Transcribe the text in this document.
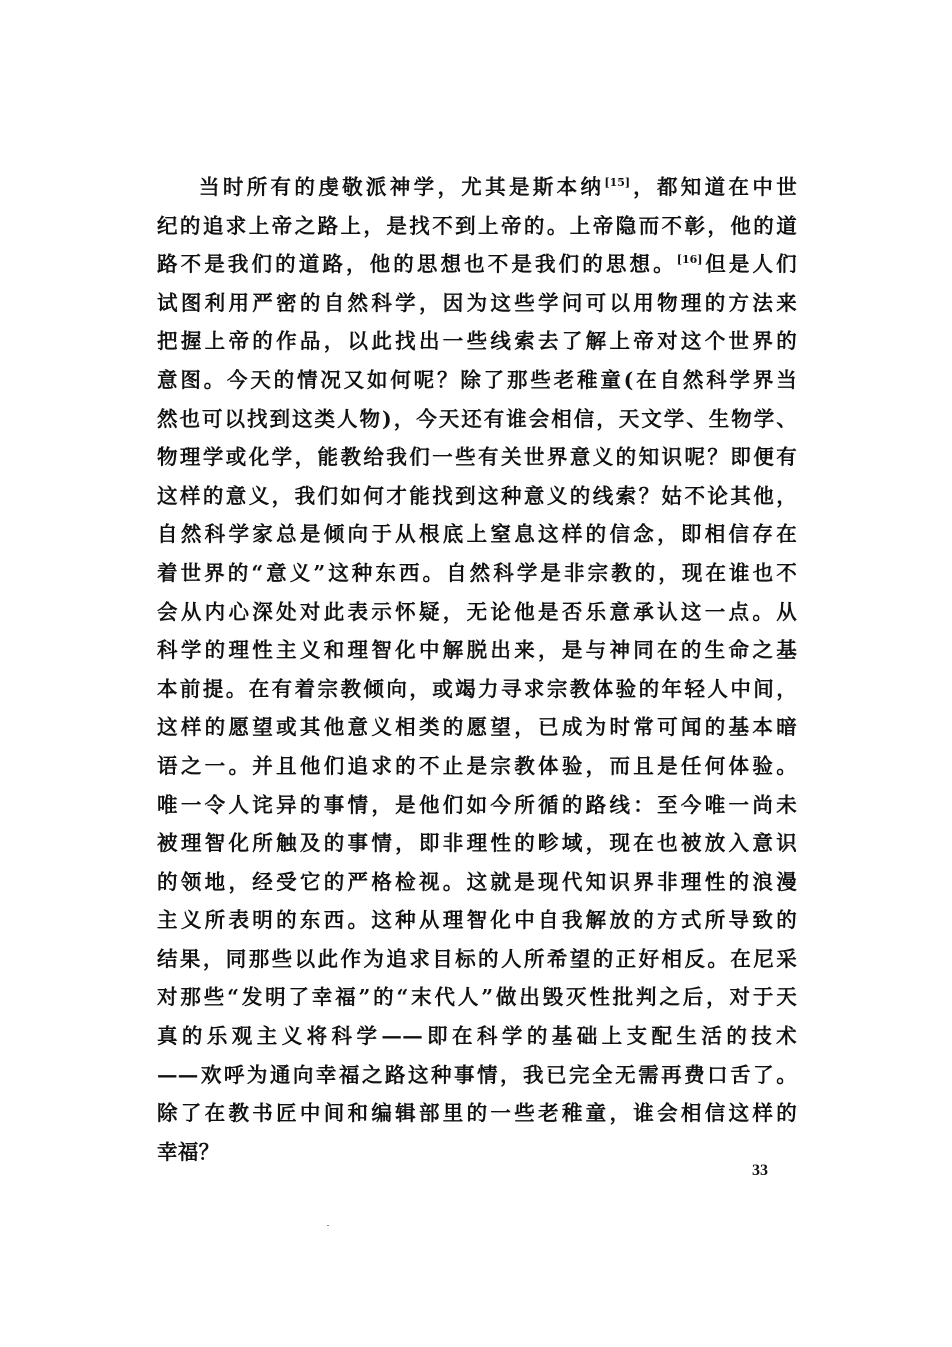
当时所有的虔敬派神学，尤其是斯本纳[15]，都知道在中世
纪的追求上帝之路上，是找不到上帝的。上帝隐而不彰，他的道
路不是我们的道路，他的思想也不是我们的思想。[16]但是人们
试图利用严密的自然科学，因为这些学问可以用物理的方法来
把握上帝的作品，以此找出一些线索去了解上帝对这个世界的
意图。今天的情况又如何呢？除了那些老稚童(在自然科学界当
然也可以找到这类人物)，今天还有谁会相信，天文学、生物学、
物理学或化学，能教给我们一些有关世界意义的知识呢？即便有
这样的意义，我们如何才能找到这种意义的线索？姑不论其他，
自然科学家总是倾向于从根底上窒息这样的信念，即相信存在
着世界的“意义”这种东西。自然科学是非宗教的，现在谁也不
会从内心深处对此表示怀疑，无论他是否乐意承认这一点。从
科学的理性主义和理智化中解脱出来，是与神同在的生命之基
本前提。在有着宗教倾向，或竭力寻求宗教体验的年轻人中间，
这样的愿望或其他意义相类的愿望，已成为时常可闻的基本暗
语之一。并且他们追求的不止是宗教体验，而且是任何体验。
唯一令人诧异的事情，是他们如今所循的路线：至今唯一尚未
被理智化所触及的事情，即非理性的畛域，现在也被放入意识
的领地，经受它的严格检视。这就是现代知识界非理性的浪漫
主义所表明的东西。这种从理智化中自我解放的方式所导致的
结果，同那些以此作为追求目标的人所希望的正好相反。在尼采
对那些“发明了幸福”的“末代人”做出毁灭性批判之后，对于天
真的乐观主义将科学——即在科学的基础上支配生活的技术
——欢呼为通向幸福之路这种事情，我已完全无需再费口舌了。
除了在教书匠中间和编辑部里的一些老稚童，谁会相信这样的
幸福？
33
